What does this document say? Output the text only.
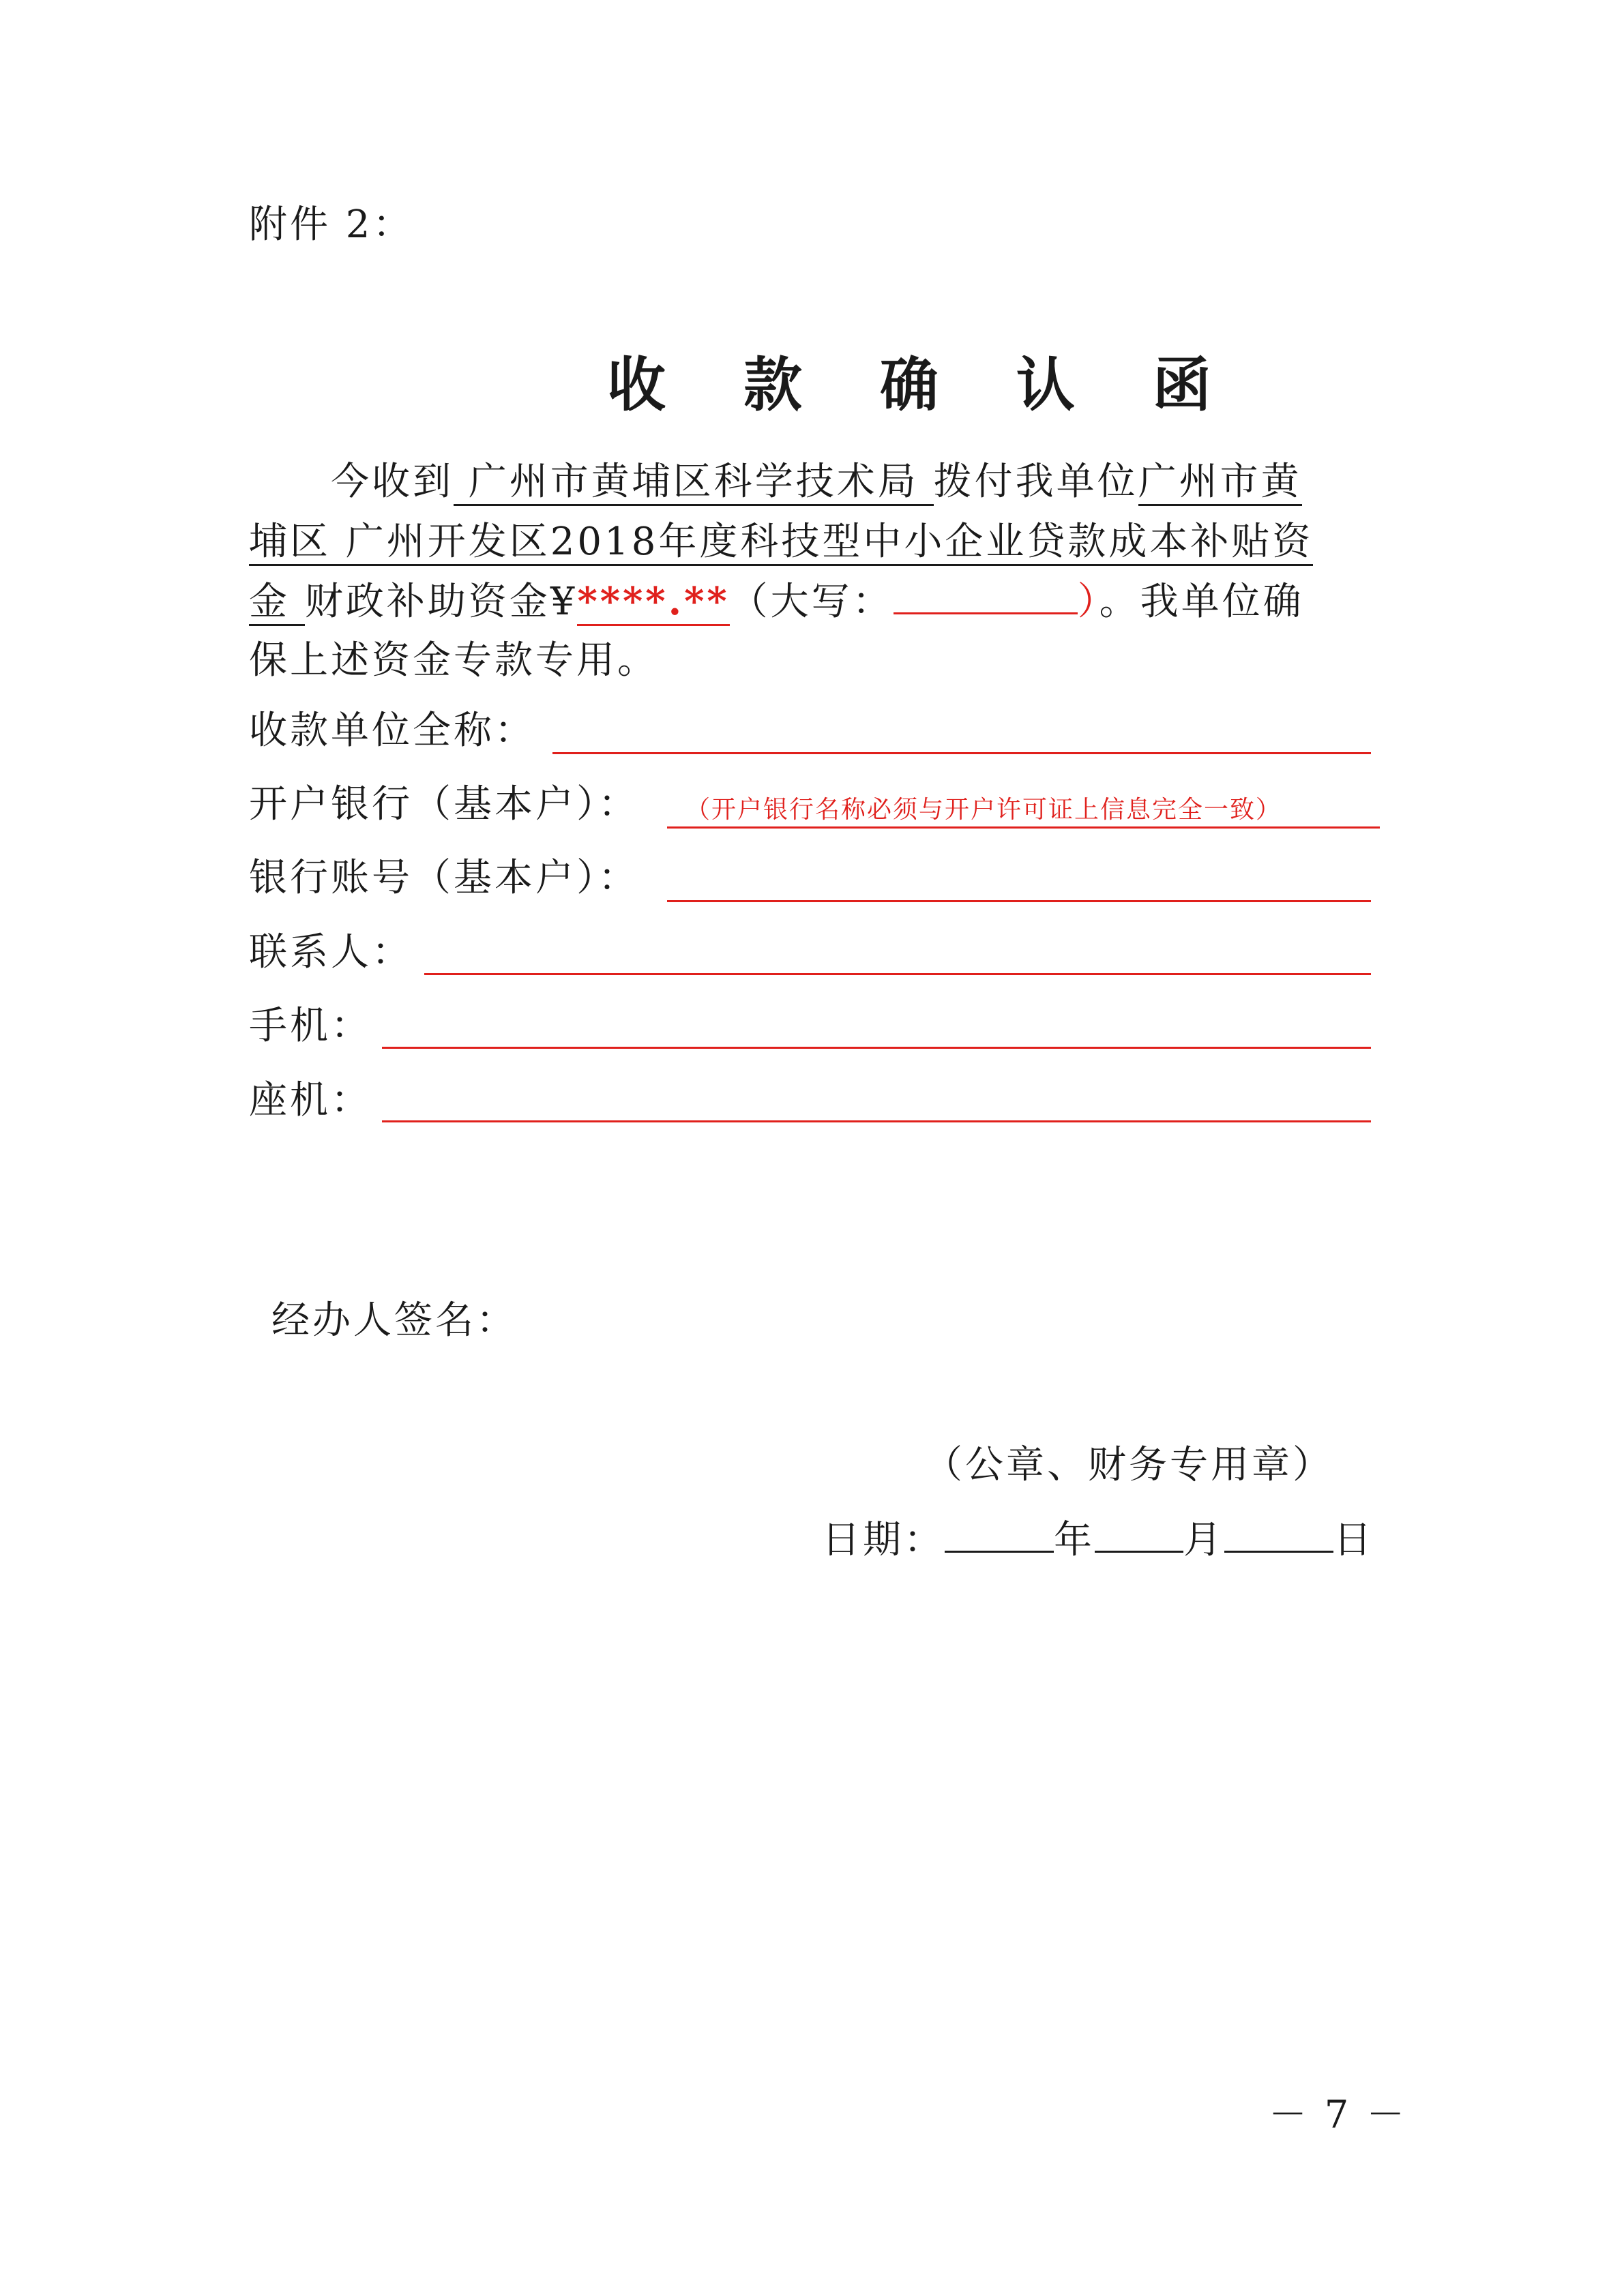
附件 2：
收 款 确 认 函
今收到 广州市黄埔区科学技术局 拨付我单位广州市黄
埔区 广州开发区2018年度科技型中小企业贷款成本补贴资
金 财政补助资金¥****.**（大写：	）。我单位确
保上述资金专款专用。
收款单位全称：
开户银行（基本户）： （开户银行名称必须与开户许可证上信息完全一致）
银行账号（基本户）：
联系人：
手机：
座机：
经办人签名：
（公章、财务专用章）
日期：	年 月	日
－ 7 －
